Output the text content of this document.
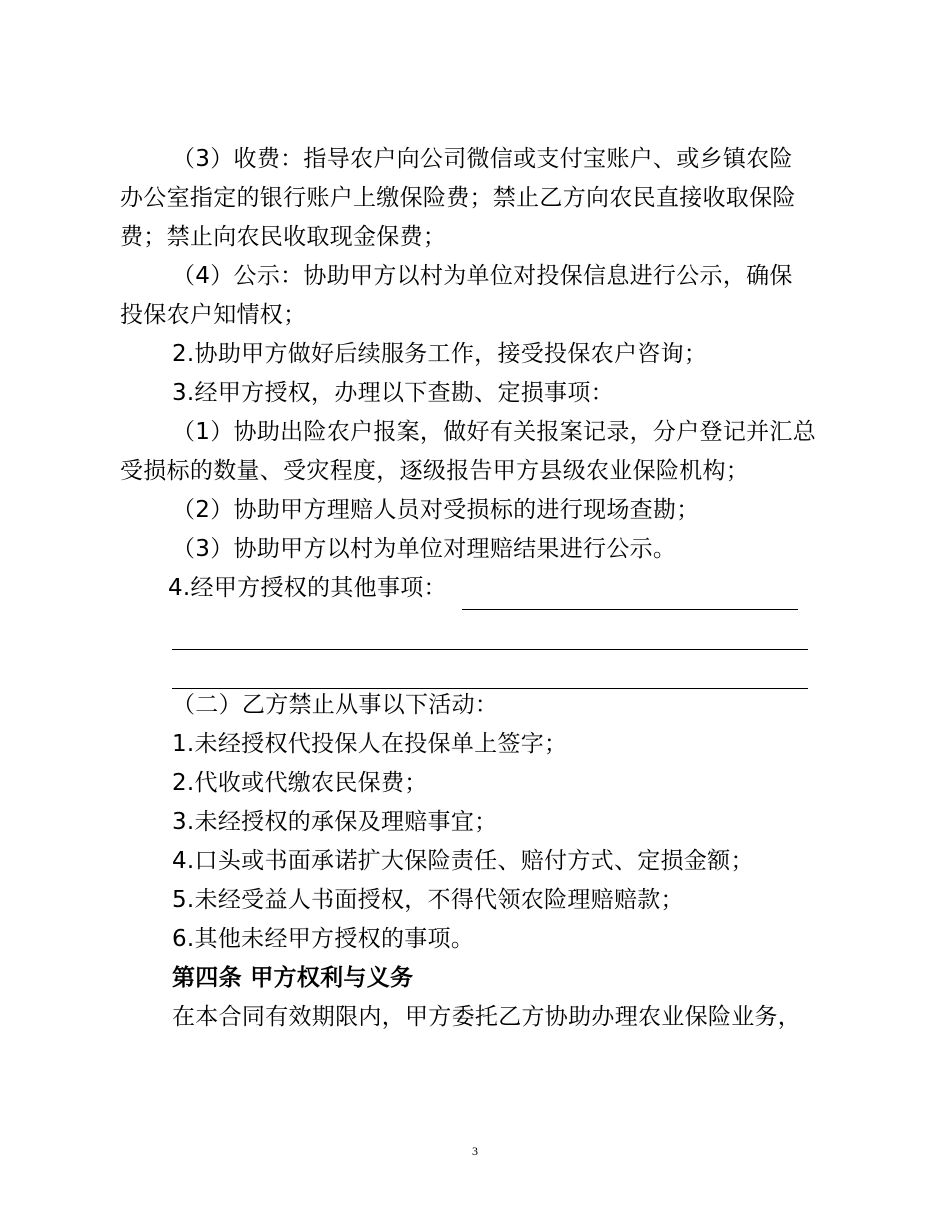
（3）收费：指导农户向公司微信或支付宝账户、或乡镇农险
办公室指定的银行账户上缴保险费；禁止乙方向农民直接收取保险
费；禁止向农民收取现金保费；
（4）公示：协助甲方以村为单位对投保信息进行公示，确保
投保农户知情权；
2.协助甲方做好后续服务工作，接受投保农户咨询；
3.经甲方授权，办理以下查勘、定损事项：
（1）协助出险农户报案，做好有关报案记录，分户登记并汇总
受损标的数量、受灾程度，逐级报告甲方县级农业保险机构；
（2）协助甲方理赔人员对受损标的进行现场查勘；
（3）协助甲方以村为单位对理赔结果进行公示。
4.经甲方授权的其他事项：
（二）乙方禁止从事以下活动：
1.未经授权代投保人在投保单上签字；
2.代收或代缴农民保费；
3.未经授权的承保及理赔事宜；
4.口头或书面承诺扩大保险责任、赔付方式、定损金额；
5.未经受益人书面授权，不得代领农险理赔赔款；
6.其他未经甲方授权的事项。
第四条 甲方权利与义务
在本合同有效期限内，甲方委托乙方协助办理农业保险业务，
3
